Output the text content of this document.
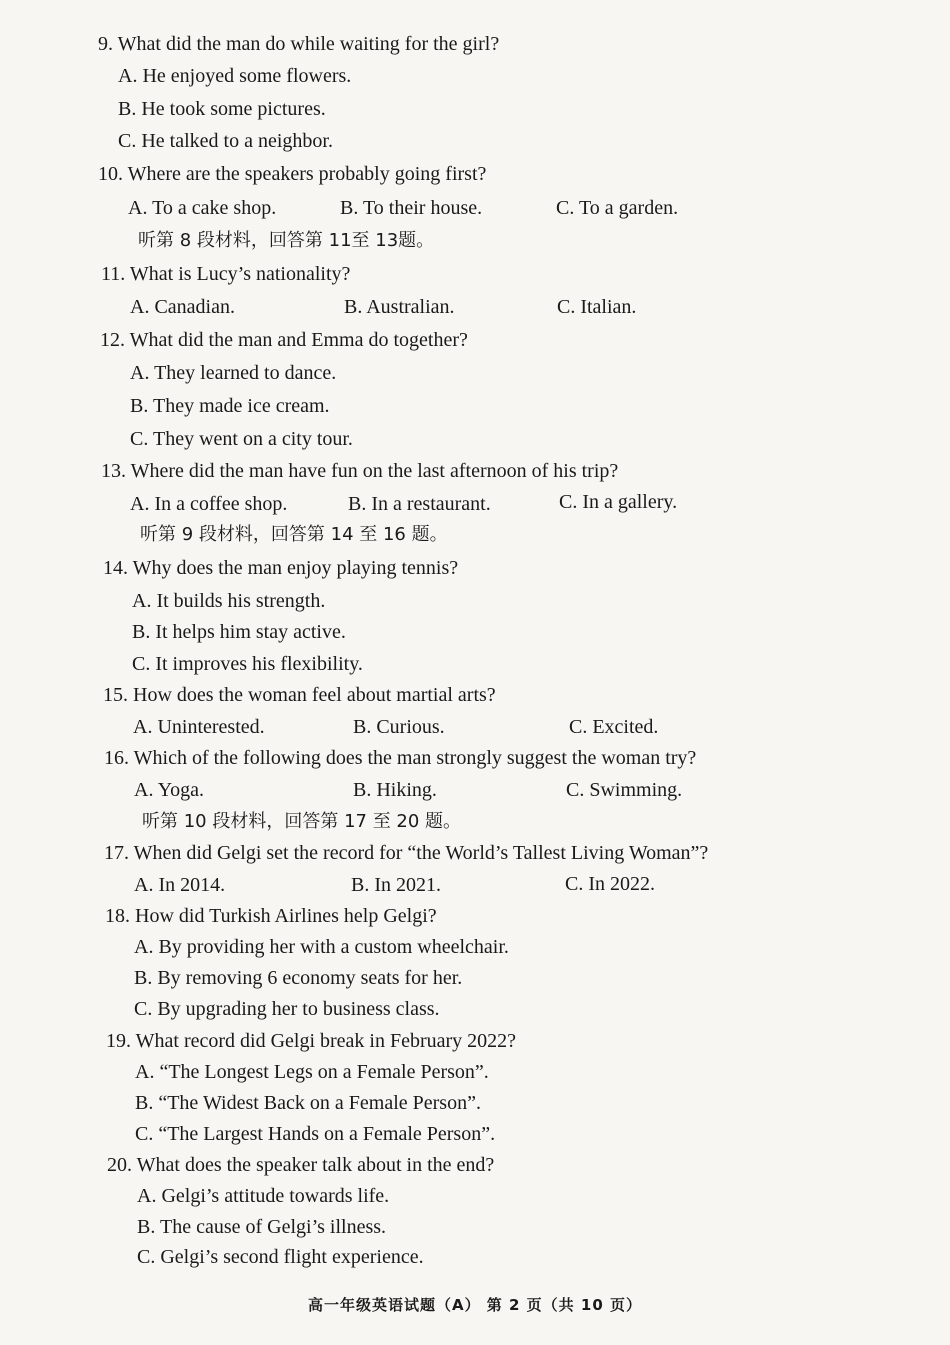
9. What did the man do while waiting for the girl?
A. He enjoyed some flowers.
B. He took some pictures.
C. He talked to a neighbor.
10. Where are the speakers probably going first?
A. To a cake shop.	B. To their house.	C. To a garden.
听第 8 段材料，回答第 11至 13题。
11. What is Lucy’s nationality?
A. Canadian.	B. Australian.	C. Italian.
12. What did the man and Emma do together?
A. They learned to dance.
B. They made ice cream.
C. They went on a city tour.
13. Where did the man have fun on the last afternoon of his trip?
A. In a coffee shop.	B. In a restaurant.	C. In a gallery.
听第 9 段材料，回答第 14 至 16 题。
14. Why does the man enjoy playing tennis?
A. It builds his strength.
B. It helps him stay active.
C. It improves his flexibility.
15. How does the woman feel about martial arts?
A. Uninterested.	B. Curious.	C. Excited.
16. Which of the following does the man strongly suggest the woman try?
A. Yoga.	B. Hiking.	C. Swimming.
听第 10 段材料，回答第 17 至 20 题。
17. When did Gelgi set the record for “the World’s Tallest Living Woman”?
A. In 2014.	B. In 2021.	C. In 2022.
18. How did Turkish Airlines help Gelgi?
A. By providing her with a custom wheelchair.
B. By removing 6 economy seats for her.
C. By upgrading her to business class.
19. What record did Gelgi break in February 2022?
A. “The Longest Legs on a Female Person”.
B. “The Widest Back on a Female Person”.
C. “The Largest Hands on a Female Person”.
20. What does the speaker talk about in the end?
A. Gelgi’s attitude towards life.
B. The cause of Gelgi’s illness.
C. Gelgi’s second flight experience.
高一年级英语试题（A） 第 2 页（共 10 页）
